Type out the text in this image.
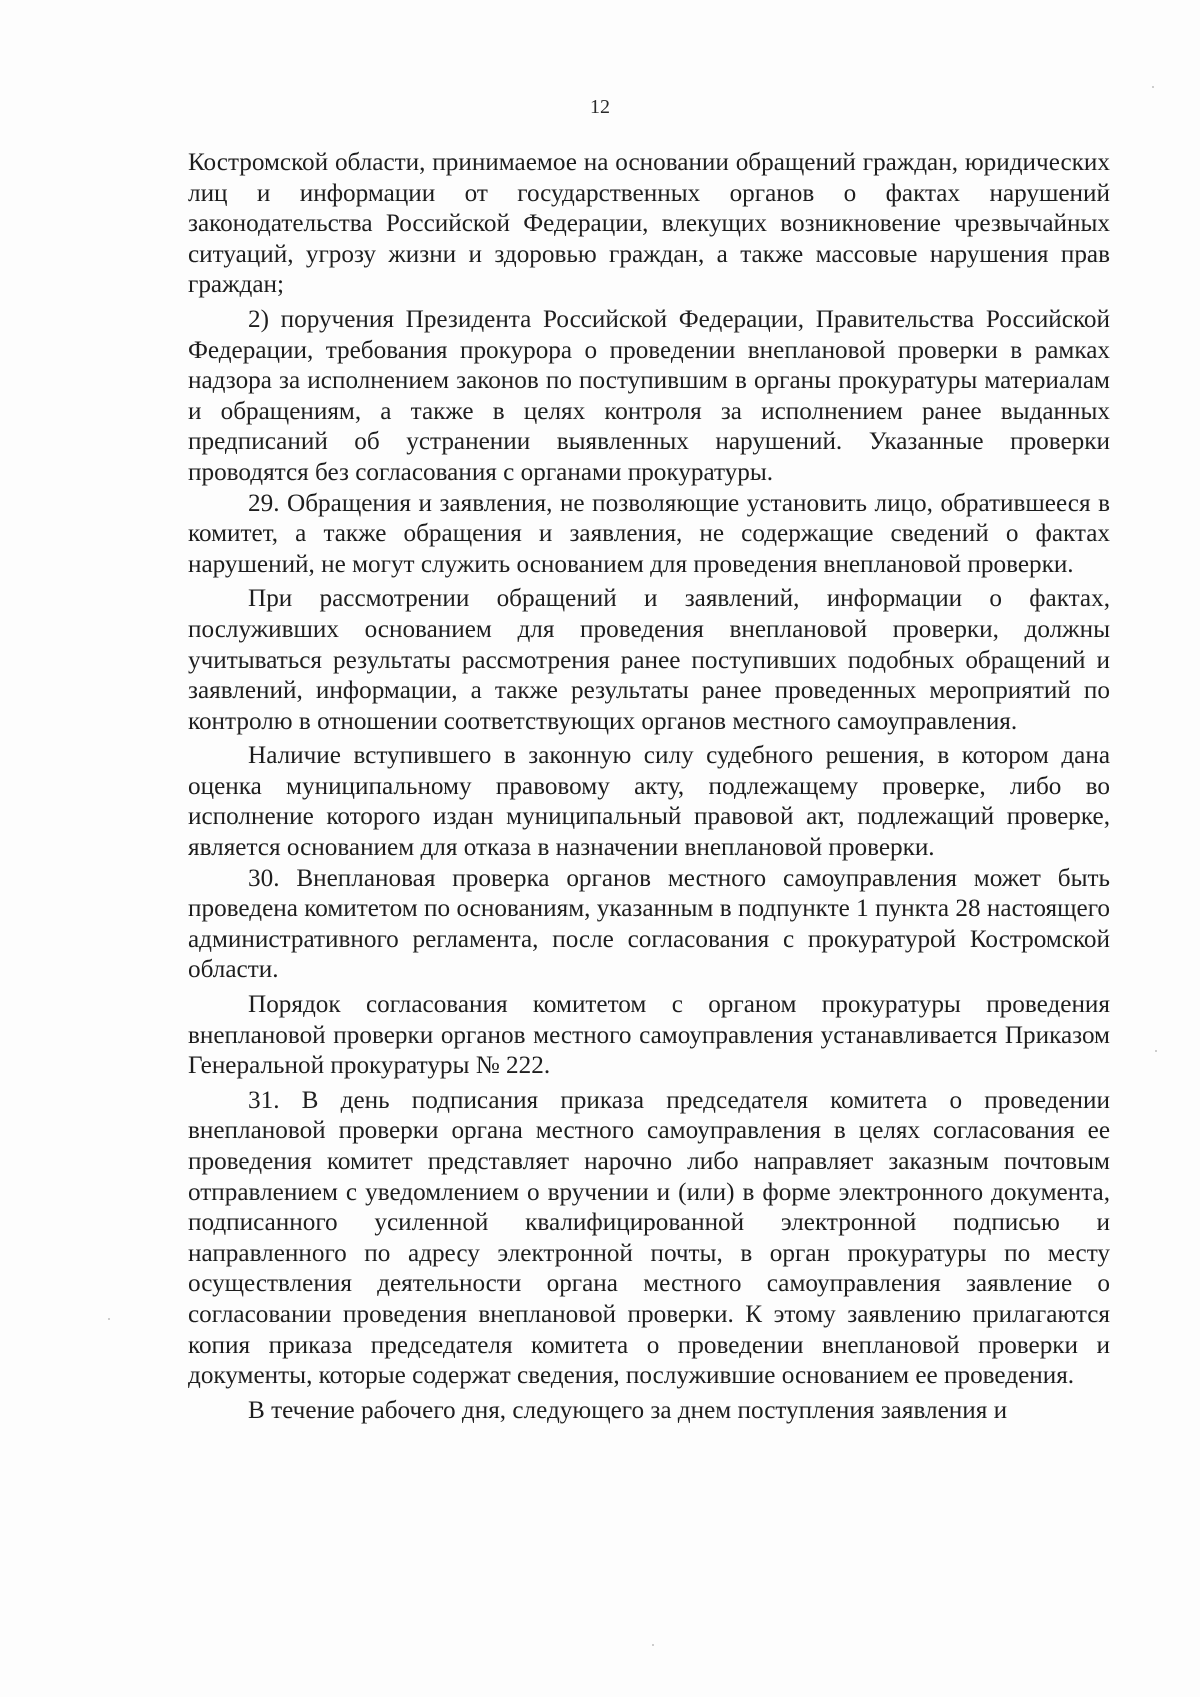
12

Костромской области, принимаемое на основании обращений граждан, юридических лиц и информации от государственных органов о фактах нарушений законодательства Российской Федерации, влекущих возникновение чрезвычайных ситуаций, угрозу жизни и здоровью граждан, а также массовые нарушения прав граждан;

2) поручения Президента Российской Федерации, Правительства Российской Федерации, требования прокурора о проведении внеплановой проверки в рамках надзора за исполнением законов по поступившим в органы прокуратуры материалам и обращениям, а также в целях контроля за исполнением ранее выданных предписаний об устранении выявленных нарушений. Указанные проверки проводятся без согласования с органами прокуратуры.

29. Обращения и заявления, не позволяющие установить лицо, обратившееся в комитет, а также обращения и заявления, не содержащие сведений о фактах нарушений, не могут служить основанием для проведения внеплановой проверки.

При рассмотрении обращений и заявлений, информации о фактах, послуживших основанием для проведения внеплановой проверки, должны учитываться результаты рассмотрения ранее поступивших подобных обращений и заявлений, информации, а также результаты ранее проведенных мероприятий по контролю в отношении соответствующих органов местного самоуправления.

Наличие вступившего в законную силу судебного решения, в котором дана оценка муниципальному правовому акту, подлежащему проверке, либо во исполнение которого издан муниципальный правовой акт, подлежащий проверке, является основанием для отказа в назначении внеплановой проверки.

30. Внеплановая проверка органов местного самоуправления может быть проведена комитетом по основаниям, указанным в подпункте 1 пункта 28 настоящего административного регламента, после согласования с прокуратурой Костромской области.

Порядок согласования комитетом с органом прокуратуры проведения внеплановой проверки органов местного самоуправления устанавливается Приказом Генеральной прокуратуры № 222.

31. В день подписания приказа председателя комитета о проведении внеплановой проверки органа местного самоуправления в целях согласования ее проведения комитет представляет нарочно либо направляет заказным почтовым отправлением с уведомлением о вручении и (или) в форме электронного документа, подписанного усиленной квалифицированной электронной подписью и направленного по адресу электронной почты, в орган прокуратуры по месту осуществления деятельности органа местного самоуправления заявление о согласовании проведения внеплановой проверки. К этому заявлению прилагаются копия приказа председателя комитета о проведении внеплановой проверки и документы, которые содержат сведения, послужившие основанием ее проведения.

В течение рабочего дня, следующего за днем поступления заявления и
